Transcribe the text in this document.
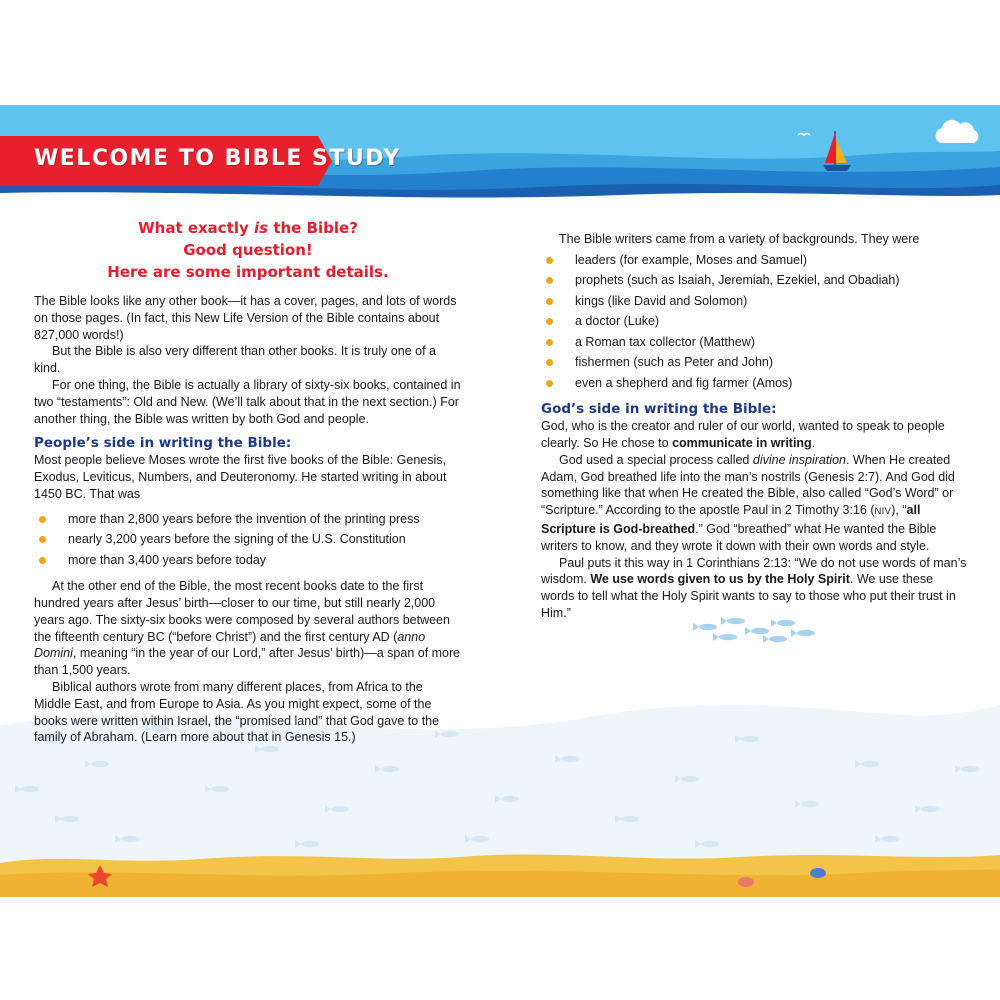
WELCOME TO BIBLE STUDY
What exactly is the Bible?
Good question!
Here are some important details.

The Bible looks like any other book—it has a cover, pages, and lots of words on those pages. (In fact, this New Life Version of the Bible contains about 827,000 words!)

But the Bible is also very different than other books. It is truly one of a kind.

For one thing, the Bible is actually a library of sixty-six books, contained in two “testaments”: Old and New. (We’ll talk about that in the next section.) For another thing, the Bible was written by both God and people.

People’s side in writing the Bible:

Most people believe Moses wrote the first five books of the Bible: Genesis, Exodus, Leviticus, Numbers, and Deuteronomy. He started writing in about 1450 BC. That was

more than 2,800 years before the invention of the printing press
nearly 3,200 years before the signing of the U.S. Constitution
more than 3,400 years before today

At the other end of the Bible, the most recent books date to the first hundred years after Jesus’ birth—closer to our time, but still nearly 2,000 years ago. The sixty-six books were composed by several authors between the fifteenth century BC (“before Christ”) and the first century AD (anno Domini, meaning “in the year of our Lord,” after Jesus’ birth)—a span of more than 1,500 years.

Biblical authors wrote from many different places, from Africa to the Middle East, and from Europe to Asia. As you might expect, some of the books were written within Israel, the “promised land” that God gave to the family of Abraham. (Learn more about that in Genesis 15.)

The Bible writers came from a variety of backgrounds. They were

leaders (for example, Moses and Samuel)
prophets (such as Isaiah, Jeremiah, Ezekiel, and Obadiah)
kings (like David and Solomon)
a doctor (Luke)
a Roman tax collector (Matthew)
fishermen (such as Peter and John)
even a shepherd and fig farmer (Amos)
God’s side in writing the Bible:

God, who is the creator and ruler of our world, wanted to speak to people clearly. So He chose to communicate in writing.

God used a special process called divine inspiration. When He created Adam, God breathed life into the man’s nostrils (Genesis 2:7). And God did something like that when He created the Bible, also called “God’s Word” or “Scripture.” According to the apostle Paul in 2 Timothy 3:16 (NIV), “all Scripture is God-breathed.” God “breathed” what He wanted the Bible writers to know, and they wrote it down with their own words and style.

Paul puts it this way in 1 Corinthians 2:13: “We do not use words of man’s wisdom. We use words given to us by the Holy Spirit. We use these words to tell what the Holy Spirit wants to say to those who put their trust in Him.”
